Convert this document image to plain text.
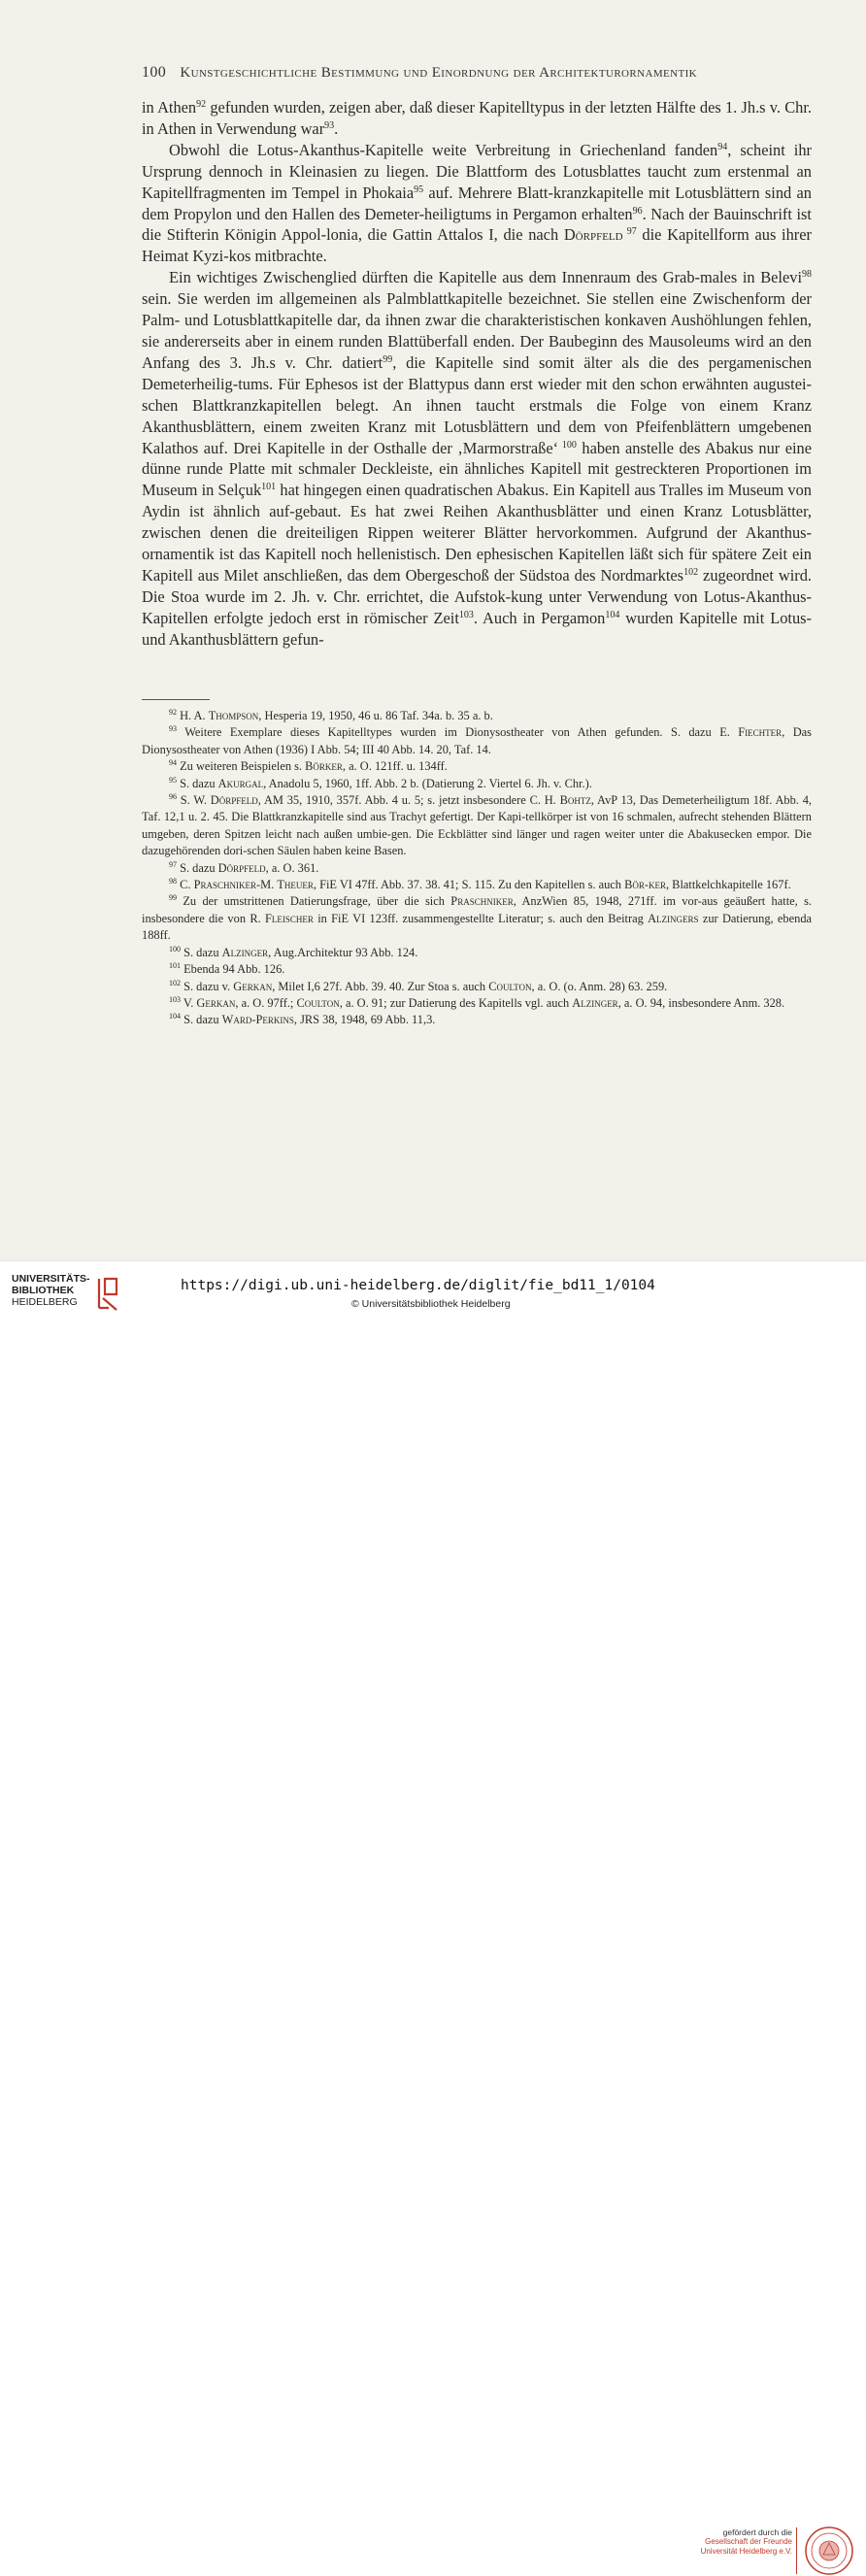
100 Kunstgeschichtliche Bestimmung und Einordnung der Architekturornamentik

in Athen$^{92}$ gefunden wurden, zeigen aber, daß dieser Kapitelltypus in der letzten Hälfte des 1. Jh.s v. Chr. in Athen in Verwendung war$^{93}$.

Obwohl die Lotus-Akanthus-Kapitelle weite Verbreitung in Griechenland fanden$^{94}$, scheint ihr Ursprung dennoch in Kleinasien zu liegen. Die Blattform des Lotusblattes taucht zum erstenmal an Kapitellfragmenten im Tempel in Phokaia$^{95}$ auf. Mehrere Blatt-kranzkapitelle mit Lotusblättern sind an dem Propylon und den Hallen des Demeter-heiligtums in Pergamon erhalten$^{96}$. Nach der Bauinschrift ist die Stifterin Königin Appol-lonia, die Gattin Attalos I, die nach Dörpfeld $^{97}$ die Kapitellform aus ihrer Heimat Kyzi-kos mitbrachte.

Ein wichtiges Zwischenglied dürften die Kapitelle aus dem Innenraum des Grab-males in Belevi$^{98}$ sein. Sie werden im allgemeinen als Palmblattkapitelle bezeichnet. Sie stellen eine Zwischenform der Palm- und Lotusblattkapitelle dar, da ihnen zwar die charakteristischen konkaven Aushöhlungen fehlen, sie andererseits aber in einem runden Blattüberfall enden. Der Baubeginn des Mausoleums wird an den Anfang des 3. Jh.s v. Chr. datiert$^{99}$, die Kapitelle sind somit älter als die des pergamenischen Demeterheilig-tums. Für Ephesos ist der Blattypus dann erst wieder mit den schon erwähnten augustei-schen Blattkranzkapitellen belegt. An ihnen taucht erstmals die Folge von einem Kranz Akanthusblättern, einem zweiten Kranz mit Lotusblättern und dem von Pfeifenblättern umgebenen Kalathos auf. Drei Kapitelle in der Osthalle der ‚Marmorstraße‘ $^{100}$ haben anstelle des Abakus nur eine dünne runde Platte mit schmaler Deckleiste, ein ähnliches Kapitell mit gestreckteren Proportionen im Museum in Selçuk$^{101}$ hat hingegen einen quadratischen Abakus. Ein Kapitell aus Tralles im Museum von Aydin ist ähnlich auf-gebaut. Es hat zwei Reihen Akanthusblätter und einen Kranz Lotusblätter, zwischen denen die dreiteiligen Rippen weiterer Blätter hervorkommen. Aufgrund der Akanthus-ornamentik ist das Kapitell noch hellenistisch. Den ephesischen Kapitellen läßt sich für spätere Zeit ein Kapitell aus Milet anschließen, das dem Obergeschoß der Südstoa des Nordmarktes$^{102}$ zugeordnet wird. Die Stoa wurde im 2. Jh. v. Chr. errichtet, die Aufstok-kung unter Verwendung von Lotus-Akanthus-Kapitellen erfolgte jedoch erst in römischer Zeit$^{103}$. Auch in Pergamon$^{104}$ wurden Kapitelle mit Lotus- und Akanthusblättern gefun-

$^{92}$ H. A. Thompson, Hesperia 19, 1950, 46 u. 86 Taf. 34a. b. 35 a. b.

$^{93}$ Weitere Exemplare dieses Kapitelltypes wurden im Dionysostheater von Athen gefunden. S. dazu E. Fiechter, Das Dionysostheater von Athen (1936) I Abb. 54; III 40 Abb. 14. 20, Taf. 14.

$^{94}$ Zu weiteren Beispielen s. Börker, a. O. 121ff. u. 134ff.

$^{95}$ S. dazu Akurgal, Anadolu 5, 1960, 1ff. Abb. 2 b. (Datierung 2. Viertel 6. Jh. v. Chr.).

$^{96}$ S. W. Dörpfeld, AM 35, 1910, 357f. Abb. 4 u. 5; s. jetzt insbesondere C. H. Bohtz, AvP 13, Das Demeterheiligtum 18f. Abb. 4, Taf. 12,1 u. 2. 45. Die Blattkranzkapitelle sind aus Trachyt gefertigt. Der Kapi-tellkörper ist von 16 schmalen, aufrecht stehenden Blättern umgeben, deren Spitzen leicht nach außen umbie-gen. Die Eckblätter sind länger und ragen weiter unter die Abakusecken empor. Die dazugehörenden dori-schen Säulen haben keine Basen.

$^{97}$ S. dazu Dörpfeld, a. O. 361.

$^{98}$ C. Praschniker-M. Theuer, FiE VI 47ff. Abb. 37. 38. 41; S. 115. Zu den Kapitellen s. auch Bör-ker, Blattkelchkapitelle 167f.

$^{99}$ Zu der umstrittenen Datierungsfrage, über die sich Praschniker, AnzWien 85, 1948, 271ff. im vor-aus geäußert hatte, s. insbesondere die von R. Fleischer in FiE VI 123ff. zusammengestellte Literatur; s. auch den Beitrag Alzingers zur Datierung, ebenda 188ff.

$^{100}$ S. dazu Alzinger, Aug.Architektur 93 Abb. 124.

$^{101}$ Ebenda 94 Abb. 126.

$^{102}$ S. dazu v. Gerkan, Milet I,6 27f. Abb. 39. 40. Zur Stoa s. auch Coulton, a. O. (o. Anm. 28) 63. 259.

$^{103}$ V. Gerkan, a. O. 97ff.; Coulton, a. O. 91; zur Datierung des Kapitells vgl. auch Alzinger, a. O. 94, insbesondere Anm. 328.

$^{104}$ S. dazu Ward-Perkins, JRS 38, 1948, 69 Abb. 11,3.

UNIVERSITÄTS-
BIBLIOTHEK
HEIDELBERG
gefördert durch die
Gesellschaft der Freunde
Universität Heidelberg e.V.
https://digi.ub.uni-heidelberg.de/diglit/fie_bd11_1/0104
© Universitätsbibliothek Heidelberg
